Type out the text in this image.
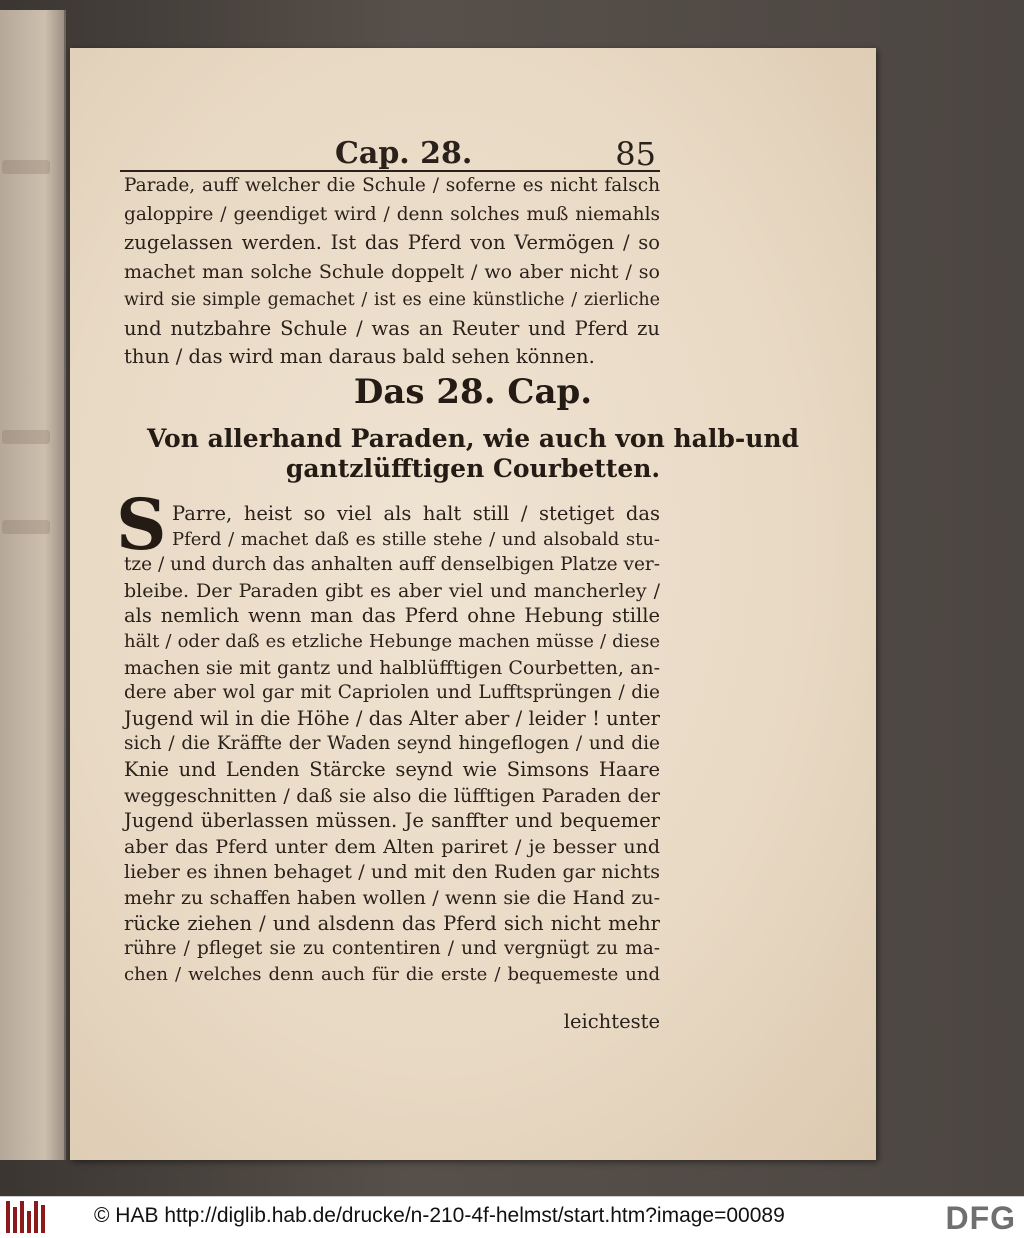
Cap. 28.	85
Parade, auff welcher die Schule / soferne es nicht falsch
galoppire / geendiget wird / denn solches muß niemahls
zugelassen werden. Ist das Pferd von Vermögen / so
machet man solche Schule doppelt / wo aber nicht / so
wird sie simple gemachet / ist es eine künstliche / zierliche
und nutzbahre Schule / was an Reuter und Pferd zu
thun / das wird man daraus bald sehen können.
Das 28. Cap.
Von allerhand Paraden, wie auch von halb-und
gantzlüfftigen Courbetten.
S Parre, heist so viel als halt still / stetiget das
Pferd / machet daß es stille stehe / und alsobald stu-
tze / und durch das anhalten auff denselbigen Platze ver-
bleibe. Der Paraden gibt es aber viel und mancherley /
als nemlich wenn man das Pferd ohne Hebung stille
hält / oder daß es etzliche Hebunge machen müsse / diese
machen sie mit gantz und halblüfftigen Courbetten, an-
dere aber wol gar mit Capriolen und Lufftsprüngen / die
Jugend wil in die Höhe / das Alter aber / leider ! unter
sich / die Kräffte der Waden seynd hingeflogen / und die
Knie und Lenden Stärcke seynd wie Simsons Haare
weggeschnitten / daß sie also die lüfftigen Paraden der
Jugend überlassen müssen. Je sanffter und bequemer
aber das Pferd unter dem Alten pariret / je besser und
lieber es ihnen behaget / und mit den Ruden gar nichts
mehr zu schaffen haben wollen / wenn sie die Hand zu-
rücke ziehen / und alsdenn das Pferd sich nicht mehr
rühre / pfleget sie zu contentiren / und vergnügt zu ma-
chen / welches denn auch für die erste / bequemeste und
leichteste
© HAB http://diglib.hab.de/drucke/n-210-4f-helmst/start.htm?image=00089	DFG
